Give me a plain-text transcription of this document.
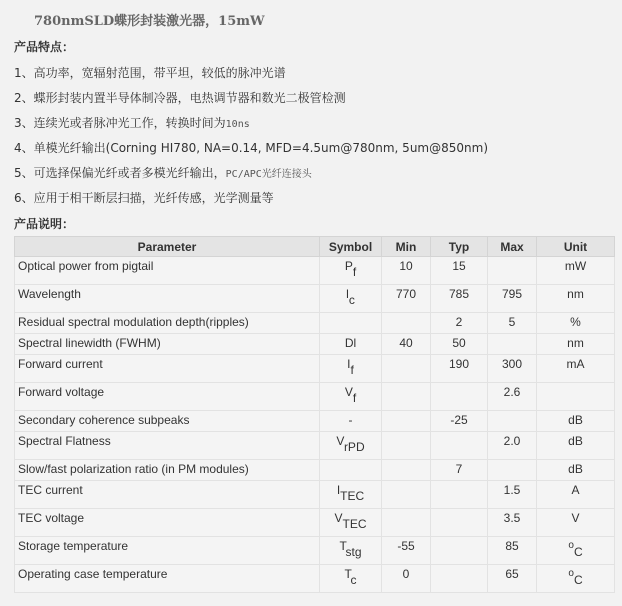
780nmSLD蝶形封装激光器，15mW
产品特点：
1、高功率，宽辐射范围，带平坦，较低的脉冲光谱
2、蝶形封装内置半导体制冷器，电热调节器和数光二极管检测
3、连续光或者脉冲光工作，转换时间为10ns
4、单模光纤输出(Corning HI780, NA=0.14, MFD=4.5um@780nm, 5um@850nm)
5、可选择保偏光纤或者多模光纤输出，PC/APC光纤连接头
6、应用于相干断层扫描，光纤传感，光学测量等
产品说明：
Parameter	Symbol	Min	Typ	Max	Unit
Optical power from pigtail	Pf	10	15		mW
Wavelength	lc	770	785	795	nm
Residual spectral modulation depth(ripples)			2	5	%
Spectral linewidth (FWHM)	Dl	40	50		nm
Forward current	If		190	300	mA
Forward voltage	Vf			2.6	
Secondary coherence subpeaks	-		-25		dB
Spectral Flatness	VrPD			2.0	dB
Slow/fast polarization ratio (in PM modules)			7		dB
TEC current	ITEC			1.5	A
TEC voltage	VTEC			3.5	V
Storage temperature	Tstg	-55		85	oC
Operating case temperature	Tc	0		65	oC
